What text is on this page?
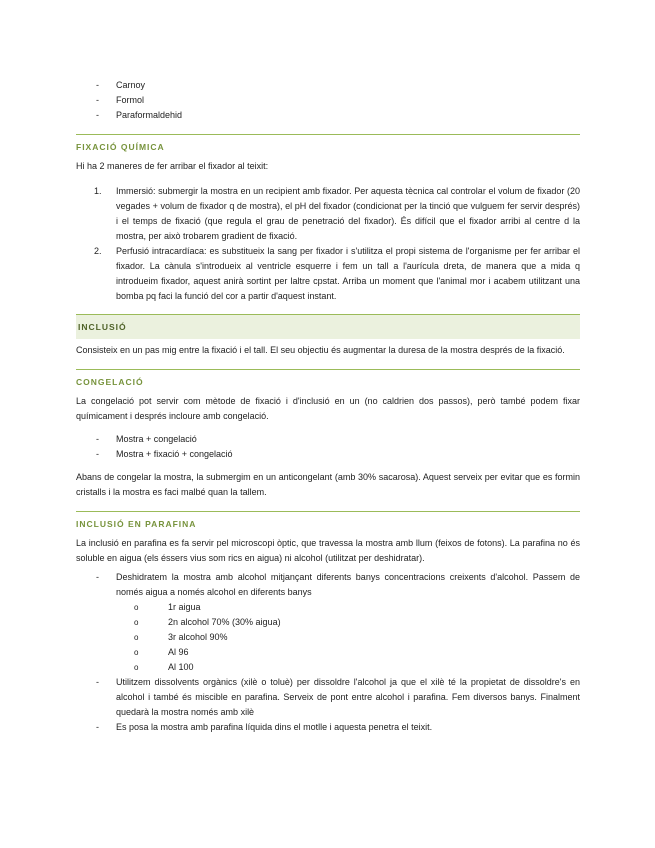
- Carnoy
- Formol
- Paraformaldehid
FIXACIÓ QUÍMICA

Hi ha 2 maneres de fer arribar el fixador al teixit:

1. Immersió: submergir la mostra en un recipient amb fixador. Per aquesta tècnica cal controlar el volum de fixador (20 vegades + volum de fixador q de mostra), el pH del fixador (condicionat per la tinció que vulguem fer servir després) i el temps de fixació (que regula el grau de penetració del fixador). És difícil que el fixador arribi al centre d la mostra, per això trobarem gradient de fixació.
2. Perfusió intracardíaca: es substitueix la sang per fixador i s'utilitza el propi sistema de l'organisme per fer arribar el fixador. La cànula s'introdueix al ventricle esquerre i fem un tall a l'aurícula dreta, de manera que a mida q introdueim fixador, aquest anirà sortint per laltre cpstat. Arriba un moment que l'animal mor i acabem utilitzant una bomba pq faci la funció del cor a partir d'aquest instant.
INCLUSIÓ

Consisteix en un pas mig entre la fixació i el tall. El seu objectiu és augmentar la duresa de la mostra després de la fixació.

CONGELACIÓ

La congelació pot servir com mètode de fixació i d'inclusió en un (no caldrien dos passos), però també podem fixar químicament i després incloure amb congelació.

- Mostra + congelació
- Mostra + fixació + congelació

Abans de congelar la mostra, la submergim en un anticongelant (amb 30% sacarosa). Aquest serveix per evitar que es formin cristalls i la mostra es faci malbé quan la tallem.

INCLUSIÓ EN PARAFINA

La inclusió en parafina es fa servir pel microscopi òptic, que travessa la mostra amb llum (feixos de fotons). La parafina no és soluble en aigua (els éssers vius som rics en aigua) ni alcohol (utilitzat per deshidratar).

- Deshidratem la mostra amb alcohol mitjançant diferents banys concentracions creixents d'alcohol. Passem de només aigua a només alcohol en diferents banys
o 1r aigua
o 2n alcohol 70% (30% aigua)
o 3r alcohol 90%
o Al 96
o Al 100
- Utilitzem dissolvents orgànics (xilè o toluè) per dissoldre l'alcohol ja que el xilè té la propietat de dissoldre's en alcohol i també és miscible en parafina. Serveix de pont entre alcohol i parafina. Fem diversos banys. Finalment quedarà la mostra només amb xilè
- Es posa la mostra amb parafina líquida dins el motlle i aquesta penetra el teixit.
